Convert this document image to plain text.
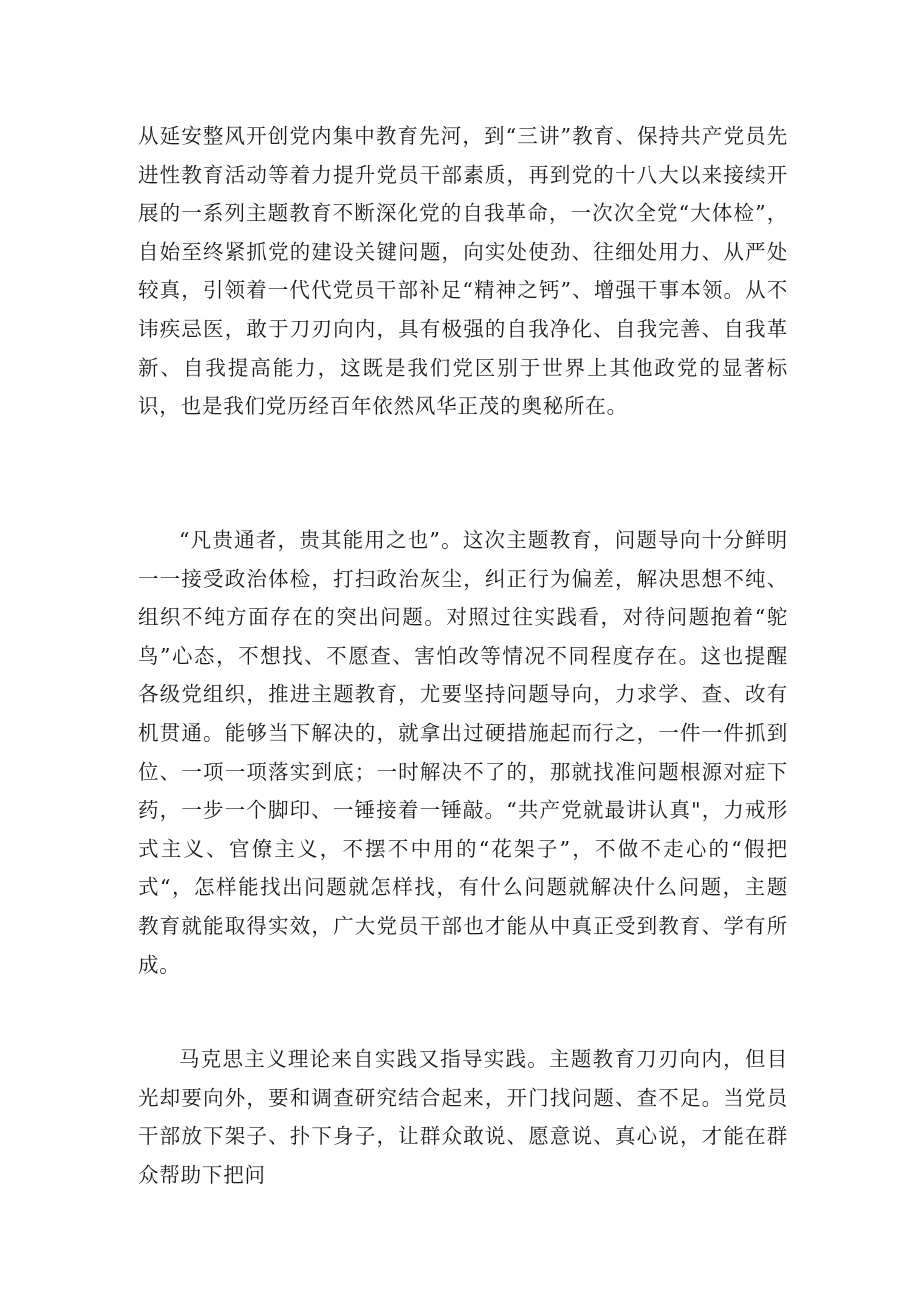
从延安整风开创党内集中教育先河，到“三讲”教育、保持共产党员先进性教育活动等着力提升党员干部素质，再到党的十八大以来接续开展的一系列主题教育不断深化党的自我革命，一次次全党“大体检”，自始至终紧抓党的建设关键问题，向实处使劲、往细处用力、从严处较真，引领着一代代党员干部补足“精神之钙”、增强干事本领。从不讳疾忌医，敢于刀刃向内，具有极强的自我净化、自我完善、自我革新、自我提高能力，这既是我们党区别于世界上其他政党的显著标识，也是我们党历经百年依然风华正茂的奥秘所在。

“凡贵通者，贵其能用之也”。这次主题教育，问题导向十分鲜明一一接受政治体检，打扫政治灰尘，纠正行为偏差，解决思想不纯、组织不纯方面存在的突出问题。对照过往实践看，对待问题抱着“鸵鸟”心态，不想找、不愿查、害怕改等情况不同程度存在。这也提醒各级党组织，推进主题教育，尤要坚持问题导向，力求学、查、改有机贯通。能够当下解决的，就拿出过硬措施起而行之，一件一件抓到位、一项一项落实到底；一时解决不了的，那就找准问题根源对症下药，一步一个脚印、一锤接着一锤敲。“共产党就最讲认真"，力戒形式主义、官僚主义，不摆不中用的“花架子”，不做不走心的“假把式“，怎样能找出问题就怎样找，有什么问题就解决什么问题，主题教育就能取得实效，广大党员干部也才能从中真正受到教育、学有所成。

马克思主义理论来自实践又指导实践。主题教育刀刃向内，但目光却要向外，要和调查研究结合起来，开门找问题、查不足。当党员干部放下架子、扑下身子，让群众敢说、愿意说、真心说，才能在群众帮助下把问
